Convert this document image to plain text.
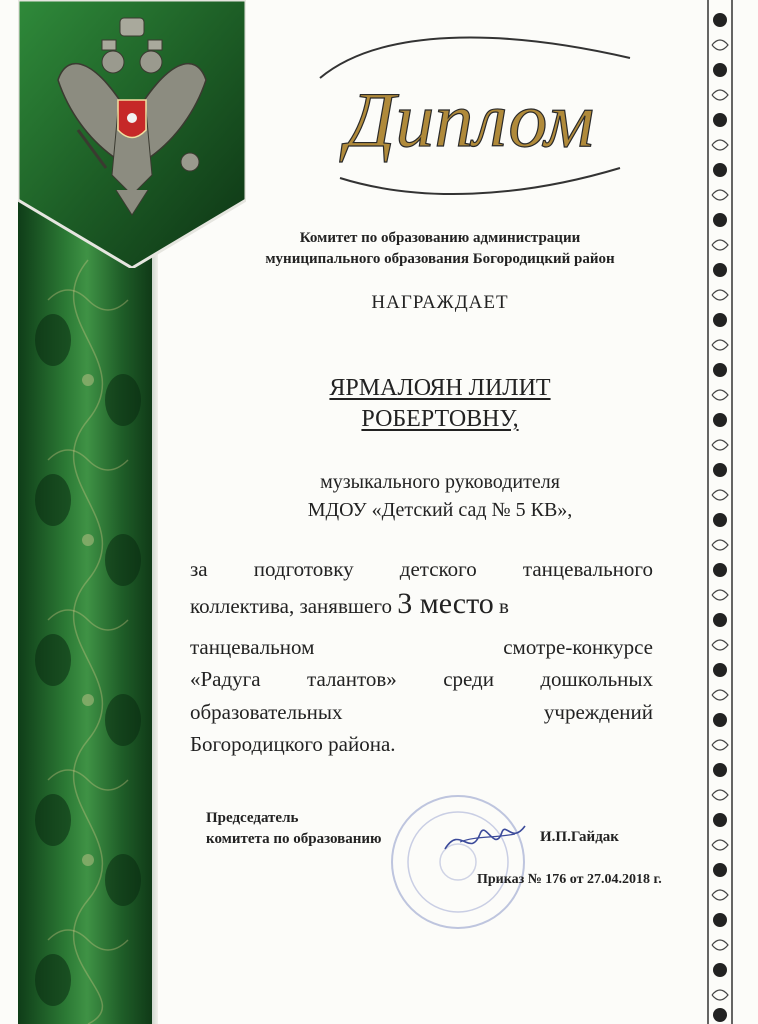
Диплом
Комитет по образованию администрации
муниципального образования Богородицкий район
НАГРАЖДАЕТ
ЯРМАЛОЯН ЛИЛИТ
РОБЕРТОВНУ,
музыкального руководителя
МДОУ «Детский сад № 5 КВ»,
за подготовку детского танцевального
коллектива, занявшего 3 место в
танцевальном смотре-конкурсе
«Радуга талантов» среди дошкольных
образовательных учреждений
Богородицкого района.
Председатель
комитета по образованию	И.П.Гайдак
Приказ № 176 от 27.04.2018 г.
